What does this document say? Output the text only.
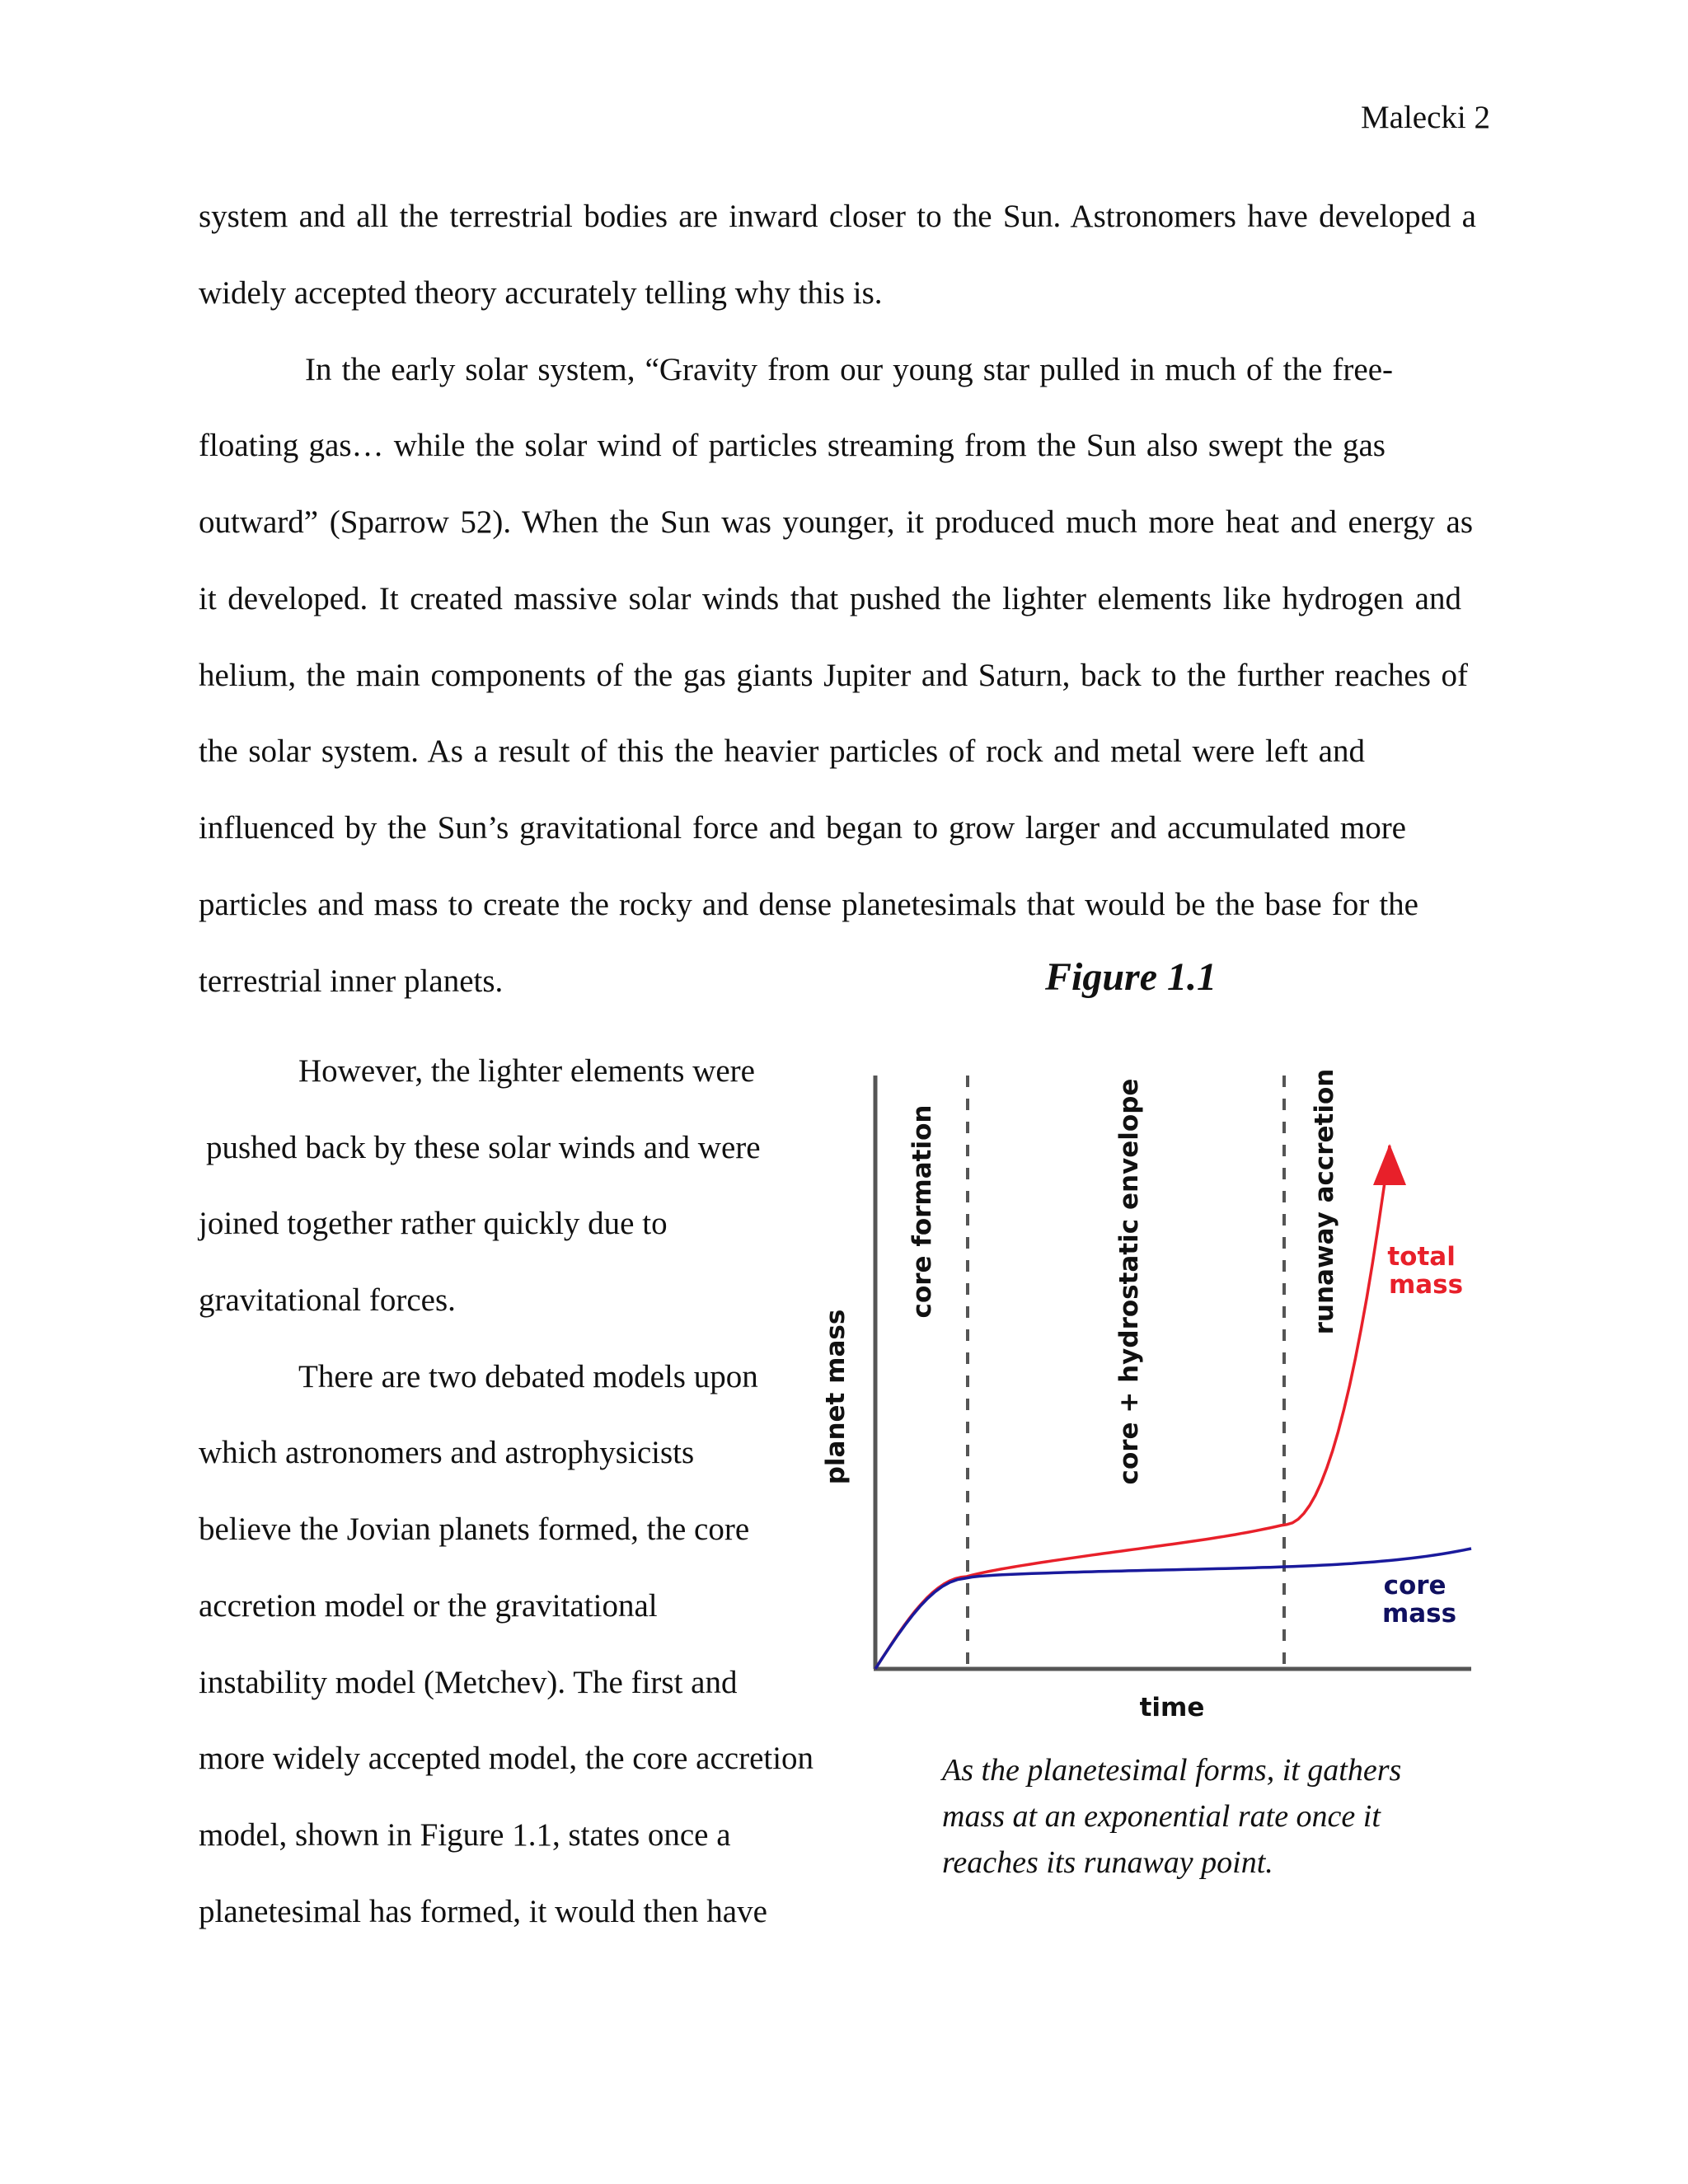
Malecki 2
system and all the terrestrial bodies are inward closer to the Sun. Astronomers have developed a
widely accepted theory accurately telling why this is.
In the early solar system, “Gravity from our young star pulled in much of the free-
floating gas… while the solar wind of particles streaming from the Sun also swept the gas
outward” (Sparrow 52). When the Sun was younger, it produced much more heat and energy as
it developed. It created massive solar winds that pushed the lighter elements like hydrogen and
helium, the main components of the gas giants Jupiter and Saturn, back to the further reaches of
the solar system. As a result of this the heavier particles of rock and metal were left and
influenced by the Sun’s gravitational force and began to grow larger and accumulated more
particles and mass to create the rocky and dense planetesimals that would be the base for the
terrestrial inner planets.	Figure 1.1
However, the lighter elements were
pushed back by these solar winds and were
joined together rather quickly due to
gravitational forces.
There are two debated models upon
which astronomers and astrophysicists
believe the Jovian planets formed, the core
accretion model or the gravitational
instability model (Metchev). The first and
more widely accepted model, the core accretion
model, shown in Figure 1.1, states once a
planetesimal has formed, it would then have
planet mass
time
core formation	core + hydrostatic envelope	runaway accretion total mass
core mass
As the planetesimal forms, it gathers mass at an exponential rate once it reaches its runaway point.
